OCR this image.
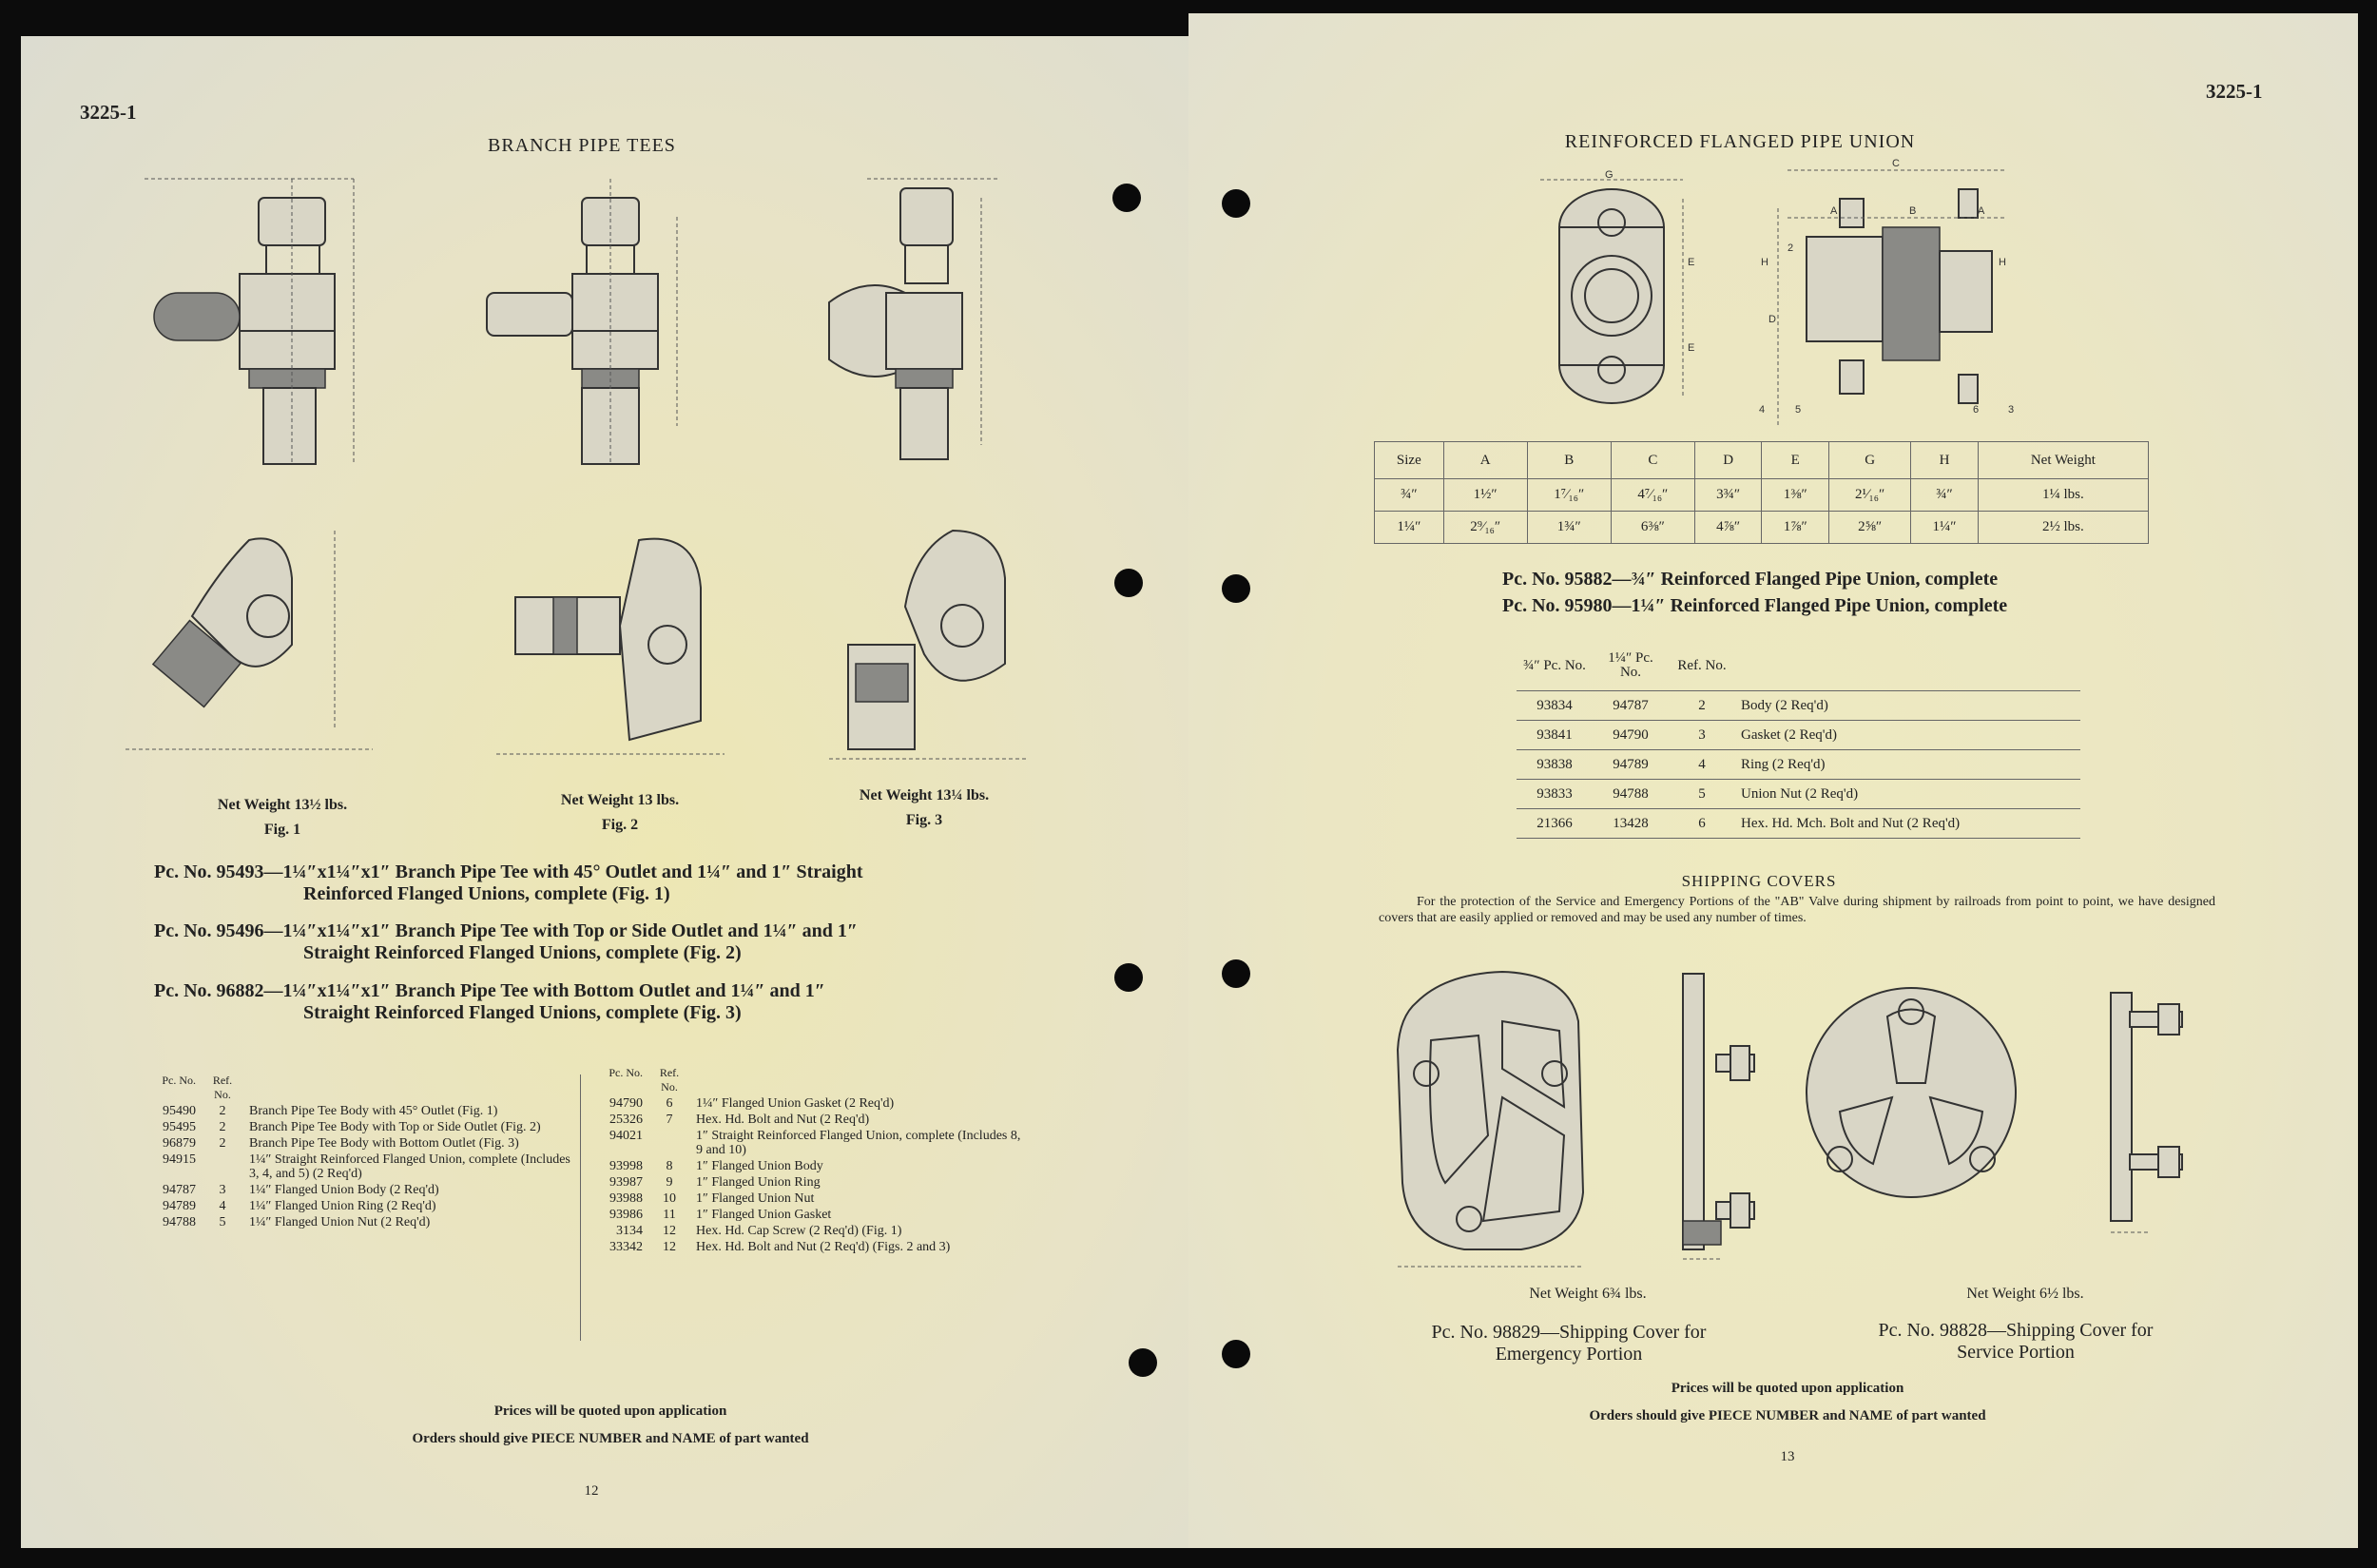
3225-1
BRANCH PIPE TEES
Net Weight 13½ lbs.
Fig. 1
Net Weight 13 lbs.
Fig. 2
Net Weight 13¼ lbs.
Fig. 3
Pc. No. 95493—1¼″x1¼″x1″ Branch Pipe Tee with 45° Outlet and 1¼″ and 1″ Straight
Reinforced Flanged Unions, complete (Fig. 1)
Pc. No. 95496—1¼″x1¼″x1″ Branch Pipe Tee with Top or Side Outlet and 1¼″ and 1″
Straight Reinforced Flanged Unions, complete (Fig. 2)
Pc. No. 96882—1¼″x1¼″x1″ Branch Pipe Tee with Bottom Outlet and 1¼″ and 1″
Straight Reinforced Flanged Unions, complete (Fig. 3)
Pc. No.	Ref. No.	
95490	2	Branch Pipe Tee Body with 45° Outlet (Fig. 1)
95495	2	Branch Pipe Tee Body with Top or Side Outlet (Fig. 2)
96879	2	Branch Pipe Tee Body with Bottom Outlet (Fig. 3)
94915		1¼″ Straight Reinforced Flanged Union, complete (Includes 3, 4, and 5) (2 Req'd)
94787	3	1¼″ Flanged Union Body (2 Req'd)
94789	4	1¼″ Flanged Union Ring (2 Req'd)
94788	5	1¼″ Flanged Union Nut (2 Req'd)
Pc. No.	Ref. No.	
94790	6	1¼″ Flanged Union Gasket (2 Req'd)
25326	7	Hex. Hd. Bolt and Nut (2 Req'd)
94021		1″ Straight Reinforced Flanged Union, complete (Includes 8, 9 and 10)
93998	8	1″ Flanged Union Body
93987	9	1″ Flanged Union Ring
93988	10	1″ Flanged Union Nut
93986	11	1″ Flanged Union Gasket
3134	12	Hex. Hd. Cap Screw (2 Req'd) (Fig. 1)
33342	12	Hex. Hd. Bolt and Nut (2 Req'd) (Figs. 2 and 3)
Prices will be quoted upon application
Orders should give PIECE NUMBER and NAME of part wanted
12
3225-1
REINFORCED FLANGED PIPE UNION
G
E
E
D
C
A	B	A
H	H
2
4	5	6	3
Size	A	B	C	D	E	G	H	Net Weight
¾″	1½″	1⁷⁄₁₆″	4⁷⁄₁₆″	3¾″	1⅜″	2¹⁄₁₆″	¾″	1¼ lbs.
1¼″	2⁹⁄₁₆″	1¾″	6⅜″	4⅞″	1⅞″	2⅝″	1¼″	2½ lbs.
Pc. No. 95882—¾″ Reinforced Flanged Pipe Union, complete
Pc. No. 95980—1¼″ Reinforced Flanged Pipe Union, complete
¾″ Pc. No.	1¼″ Pc. No.	Ref. No.	
93834	94787	2	Body (2 Req'd)
93841	94790	3	Gasket (2 Req'd)
93838	94789	4	Ring (2 Req'd)
93833	94788	5	Union Nut (2 Req'd)
21366	13428	6	Hex. Hd. Mch. Bolt and Nut (2 Req'd)
SHIPPING COVERS
For the protection of the Service and Emergency Portions of the "AB" Valve during shipment by railroads from point to point, we have designed covers that are easily applied or removed and may be used any number of times.
Net Weight 6¾ lbs.	Net Weight 6½ lbs.
Pc. No. 98829—Shipping Cover for
Emergency Portion
Pc. No. 98828—Shipping Cover for
Service Portion
Prices will be quoted upon application
Orders should give PIECE NUMBER and NAME of part wanted
13
